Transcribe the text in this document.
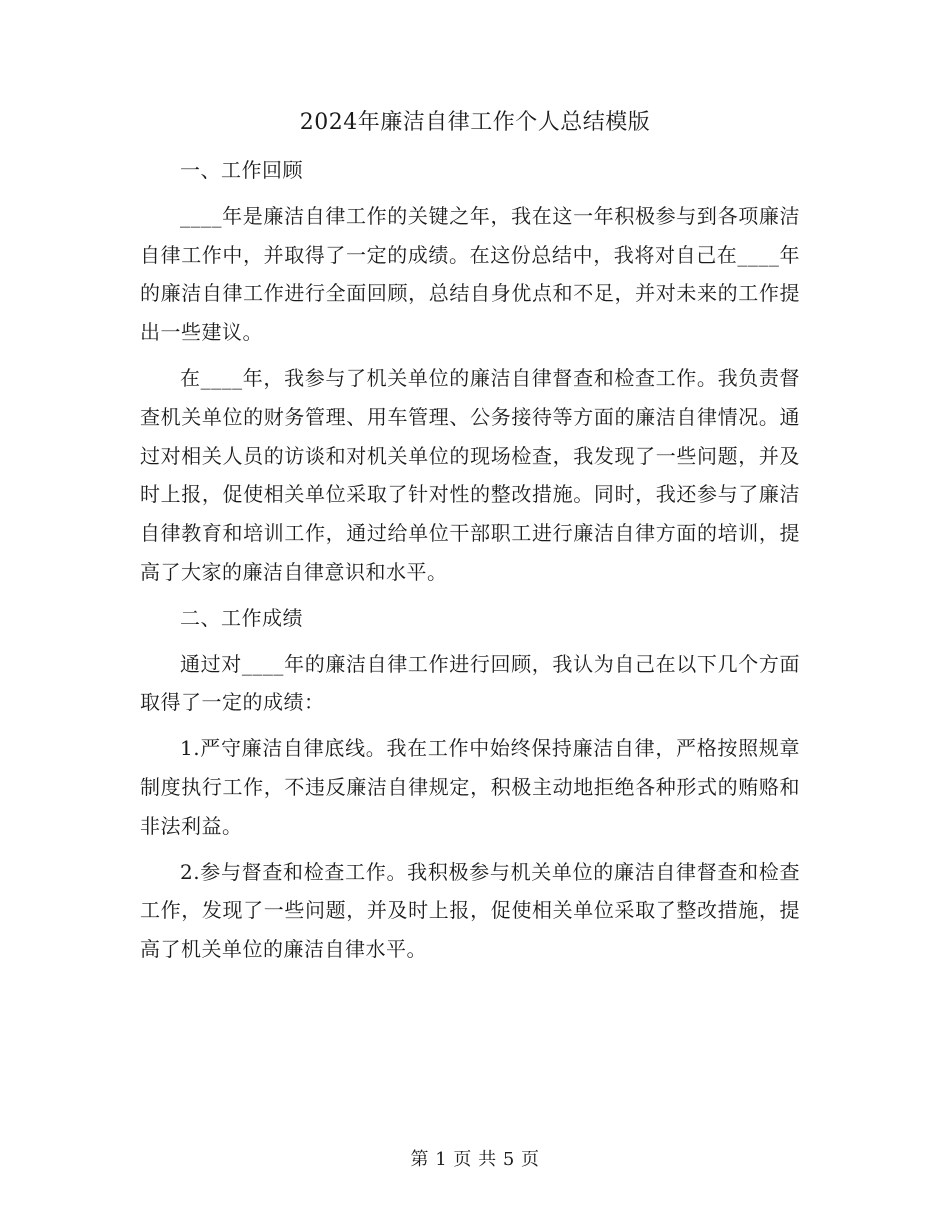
2024年廉洁自律工作个人总结模版

一、工作回顾

____年是廉洁自律工作的关键之年，我在这一年积极参与到各项廉洁自律工作中，并取得了一定的成绩。在这份总结中，我将对自己在____年的廉洁自律工作进行全面回顾，总结自身优点和不足，并对未来的工作提出一些建议。

在____年，我参与了机关单位的廉洁自律督查和检查工作。我负责督查机关单位的财务管理、用车管理、公务接待等方面的廉洁自律情况。通过对相关人员的访谈和对机关单位的现场检查，我发现了一些问题，并及时上报，促使相关单位采取了针对性的整改措施。同时，我还参与了廉洁自律教育和培训工作，通过给单位干部职工进行廉洁自律方面的培训，提高了大家的廉洁自律意识和水平。

二、工作成绩

通过对____年的廉洁自律工作进行回顾，我认为自己在以下几个方面取得了一定的成绩：

1.严守廉洁自律底线。我在工作中始终保持廉洁自律，严格按照规章制度执行工作，不违反廉洁自律规定，积极主动地拒绝各种形式的贿赂和非法利益。

2.参与督查和检查工作。我积极参与机关单位的廉洁自律督查和检查工作，发现了一些问题，并及时上报，促使相关单位采取了整改措施，提高了机关单位的廉洁自律水平。

第 1 页 共 5 页
